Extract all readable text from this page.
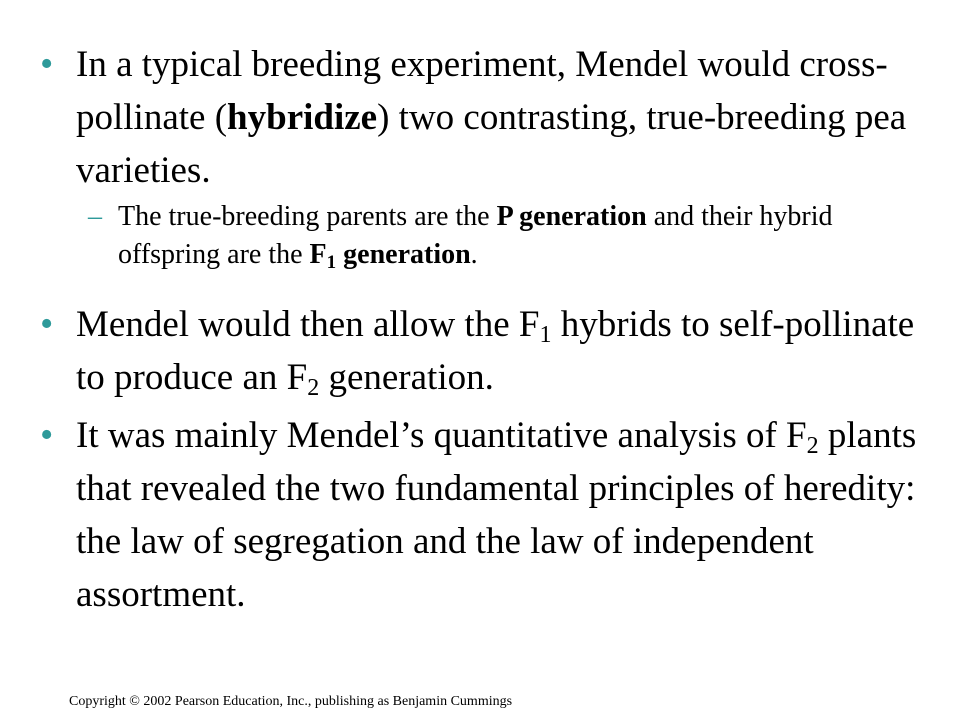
• In a typical breeding experiment, Mendel would cross-pollinate (hybridize) two contrasting, true-breeding pea varieties.
– The true-breeding parents are the P generation and their hybrid offspring are the $F_1$ generation.
• Mendel would then allow the $F_1$ hybrids to self-pollinate to produce an $F_2$ generation.
• It was mainly Mendel’s quantitative analysis of $F_2$ plants that revealed the two fundamental principles of heredity: the law of segregation and the law of independent assortment.
Copyright © 2002 Pearson Education, Inc., publishing as Benjamin Cummings
